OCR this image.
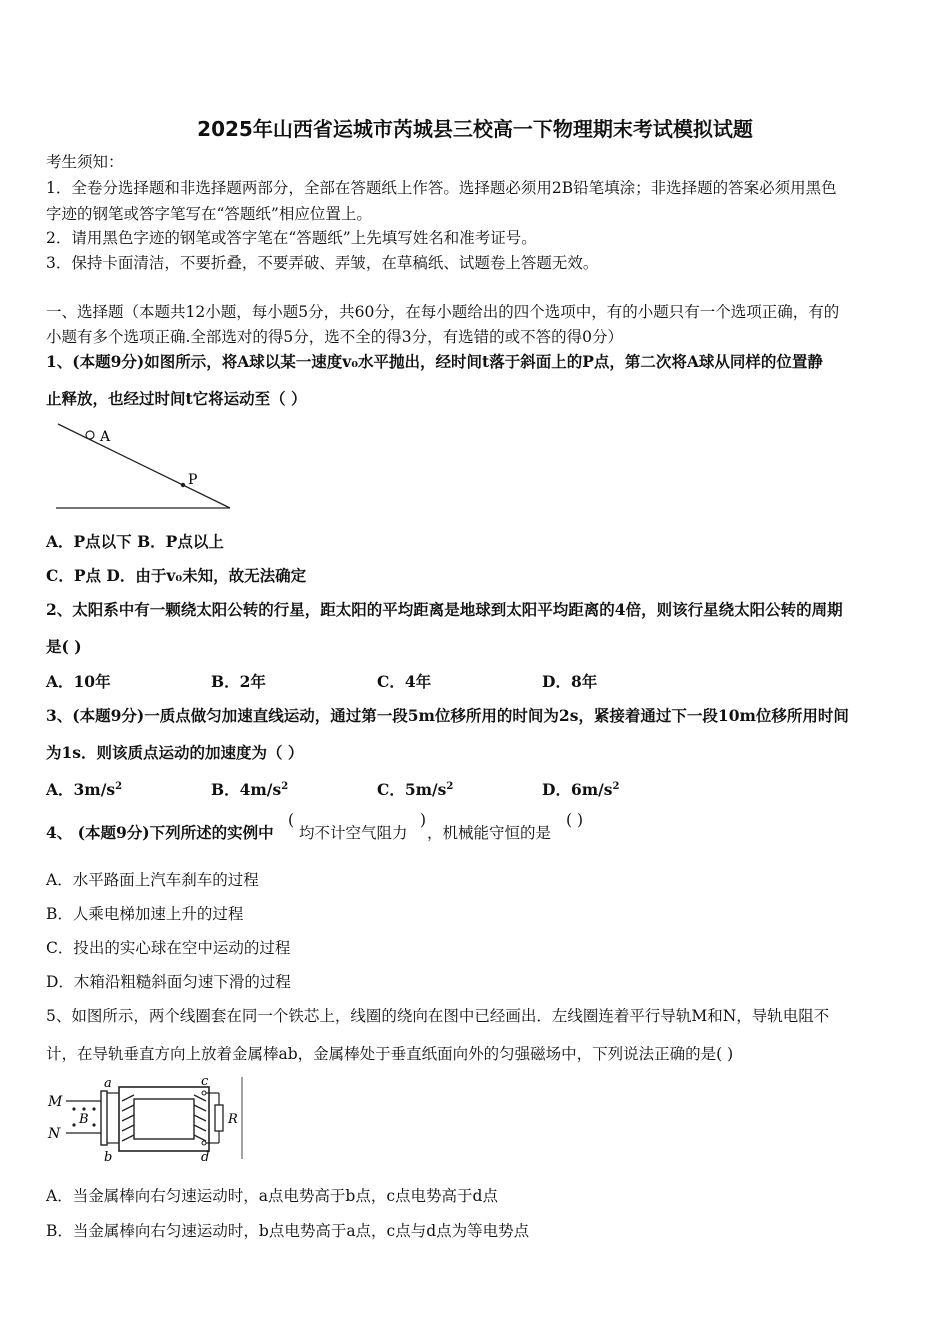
2025年山西省运城市芮城县三校高一下物理期末考试模拟试题
考生须知：
1．全卷分选择题和非选择题两部分，全部在答题纸上作答。选择题必须用2B铅笔填涂；非选择题的答案必须用黑色
字迹的钢笔或答字笔写在“答题纸”相应位置上。
2．请用黑色字迹的钢笔或答字笔在“答题纸”上先填写姓名和准考证号。
3．保持卡面清洁，不要折叠，不要弄破、弄皱，在草稿纸、试题卷上答题无效。
一、选择题（本题共12小题，每小题5分，共60分，在每小题给出的四个选项中，有的小题只有一个选项正确，有的
小题有多个选项正确.全部选对的得5分，选不全的得3分，有选错的或不答的得0分）
1、(本题9分)如图所示，将A球以某一速度v₀水平抛出，经时间t落于斜面上的P点，第二次将A球从同样的位置静
止释放，也经过时间t它将运动至（ ）
A
P
A．P点以下 B．P点以上
C．P点 D．由于v₀未知，故无法确定
2、太阳系中有一颗绕太阳公转的行星，距太阳的平均距离是地球到太阳平均距离的4倍，则该行星绕太阳公转的周期
是( )
A．10年	B．2年	C．4年	D．8年
3、(本题9分)一质点做匀加速直线运动，通过第一段5m位移所用的时间为2s，紧接着通过下一段10m位移所用时间
为1s．则该质点运动的加速度为（ ）
A．$3m/s^2$	B．$4m/s^2$	C．$5m/s^2$	D．$6m/s^2$
4、 (本题9分)下列所述的实例中
(
均不计空气阻力
)
，机械能守恒的是
( )
A．水平路面上汽车刹车的过程
B．人乘电梯加速上升的过程
C．投出的实心球在空中运动的过程
D．木箱沿粗糙斜面匀速下滑的过程
5、如图所示，两个线圈套在同一个铁芯上，线圈的绕向在图中已经画出．左线圈连着平行导轨M和N，导轨电阻不
计，在导轨垂直方向上放着金属棒ab，金属棒处于垂直纸面向外的匀强磁场中，下列说法正确的是( )
M
N
B
a
b
c
d
R
A．当金属棒向右匀速运动时，a点电势高于b点，c点电势高于d点
B．当金属棒向右匀速运动时，b点电势高于a点，c点与d点为等电势点
